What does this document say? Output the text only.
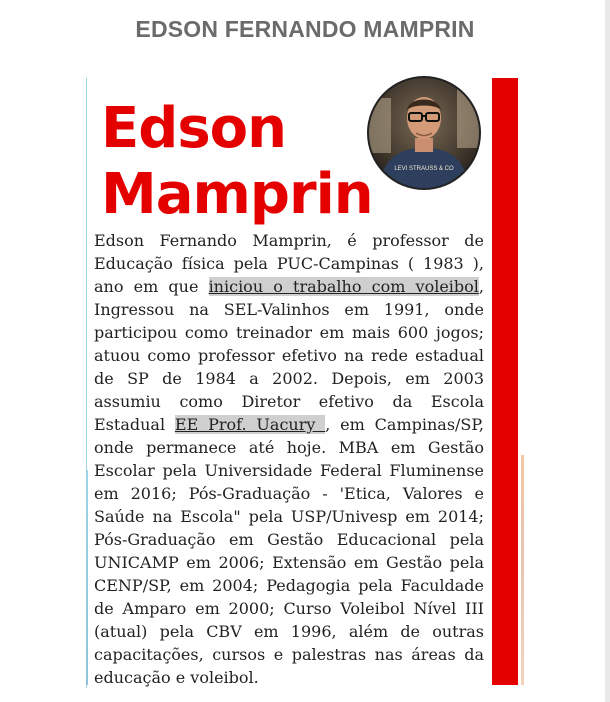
EDSON FERNANDO MAMPRIN
Edson
Mamprin	LEVI STRAUSS & CO

Edson Fernando Mamprin, é professor de Educação física pela PUC-Campinas ( 1983 ), ano em que iniciou o trabalho com voleibol, Ingressou na SEL-Valinhos em 1991, onde participou como treinador em mais 600 jogos; atuou como professor efetivo na rede estadual de SP de 1984 a 2002. Depois, em 2003 assumiu como Diretor efetivo da Escola Estadual EE Prof. Uacury , em Campinas/SP, onde permanece até hoje. MBA em Gestão Escolar pela Universidade Federal Fluminense em 2016; Pós-Graduação - 'Etica, Valores e Saúde na Escola" pela USP/Univesp em 2014; Pós-Graduação em Gestão Educacional pela UNICAMP em 2006; Extensão em Gestão pela CENP/SP, em 2004; Pedagogia pela Faculdade de Amparo em 2000; Curso Voleibol Nível III (atual) pela CBV em 1996, além de outras capacitações, cursos e palestras nas áreas da educação e voleibol.
